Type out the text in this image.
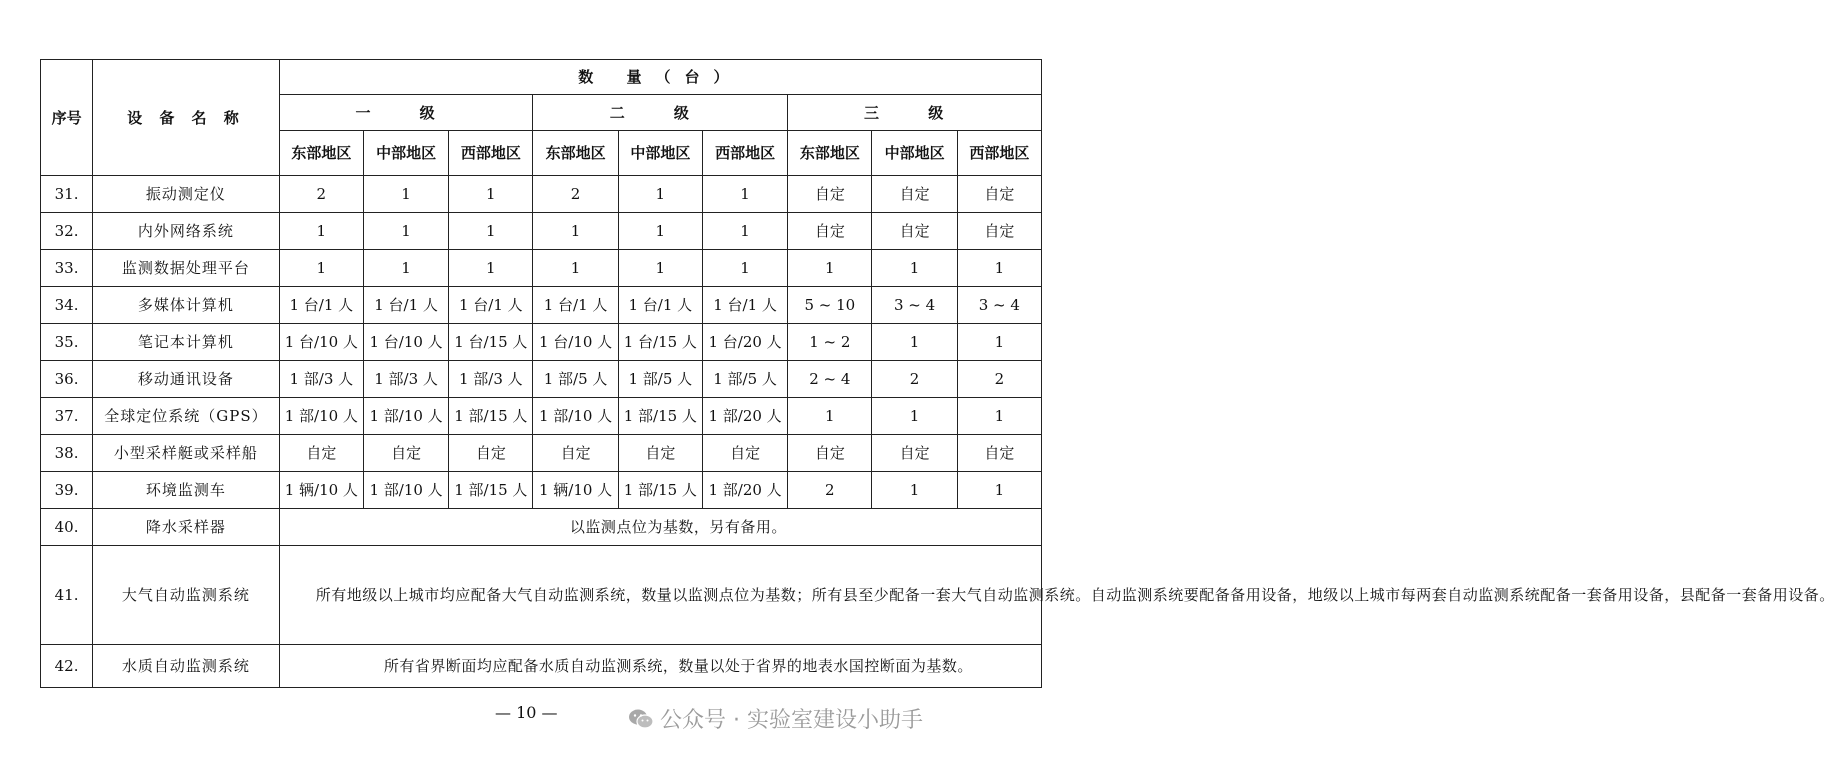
序号	设 备 名 称	数 量（台）								
		一 级			二 级			三 级		
		东部地区	中部地区	西部地区	东部地区	中部地区	西部地区	东部地区	中部地区	西部地区
31.	振动测定仪	2	1	1	2	1	1	自定	自定	自定
32.	内外网络系统	1	1	1	1	1	1	自定	自定	自定
33.	监测数据处理平台	1	1	1	1	1	1	1	1	1
34.	多媒体计算机	1 台/1 人	1 台/1 人	1 台/1 人	1 台/1 人	1 台/1 人	1 台/1 人	5 ~ 10	3 ~ 4	3 ~ 4
35.	笔记本计算机	1 台/10 人	1 台/10 人	1 台/15 人	1 台/10 人	1 台/15 人	1 台/20 人	1 ~ 2	1	1
36.	移动通讯设备	1 部/3 人	1 部/3 人	1 部/3 人	1 部/5 人	1 部/5 人	1 部/5 人	2 ~ 4	2	2
37.	全球定位系统（GPS）	1 部/10 人	1 部/10 人	1 部/15 人	1 部/10 人	1 部/15 人	1 部/20 人	1	1	1
38.	小型采样艇或采样船	自定	自定	自定	自定	自定	自定	自定	自定	自定
39.	环境监测车	1 辆/10 人	1 部/10 人	1 部/15 人	1 辆/10 人	1 部/15 人	1 部/20 人	2	1	1
40.	降水采样器	以监测点位为基数，另有备用。								

41.	大气自动监测系统	所有地级以上城市均应配备大气自动监测系统，数量以监测点位为基数；所有县至少配备一套大气自动监测系统。自动监测系统要配备备用设备，地级以上城市每两套自动监测系统配备一套备用设备，县配备一套备用设备。								

42.	水质自动监测系统	所有省界断面均应配备水质自动监测系统，数量以处于省界的地表水国控断面为基数。								
— 10 —	公众号 · 实验室建设小助手
